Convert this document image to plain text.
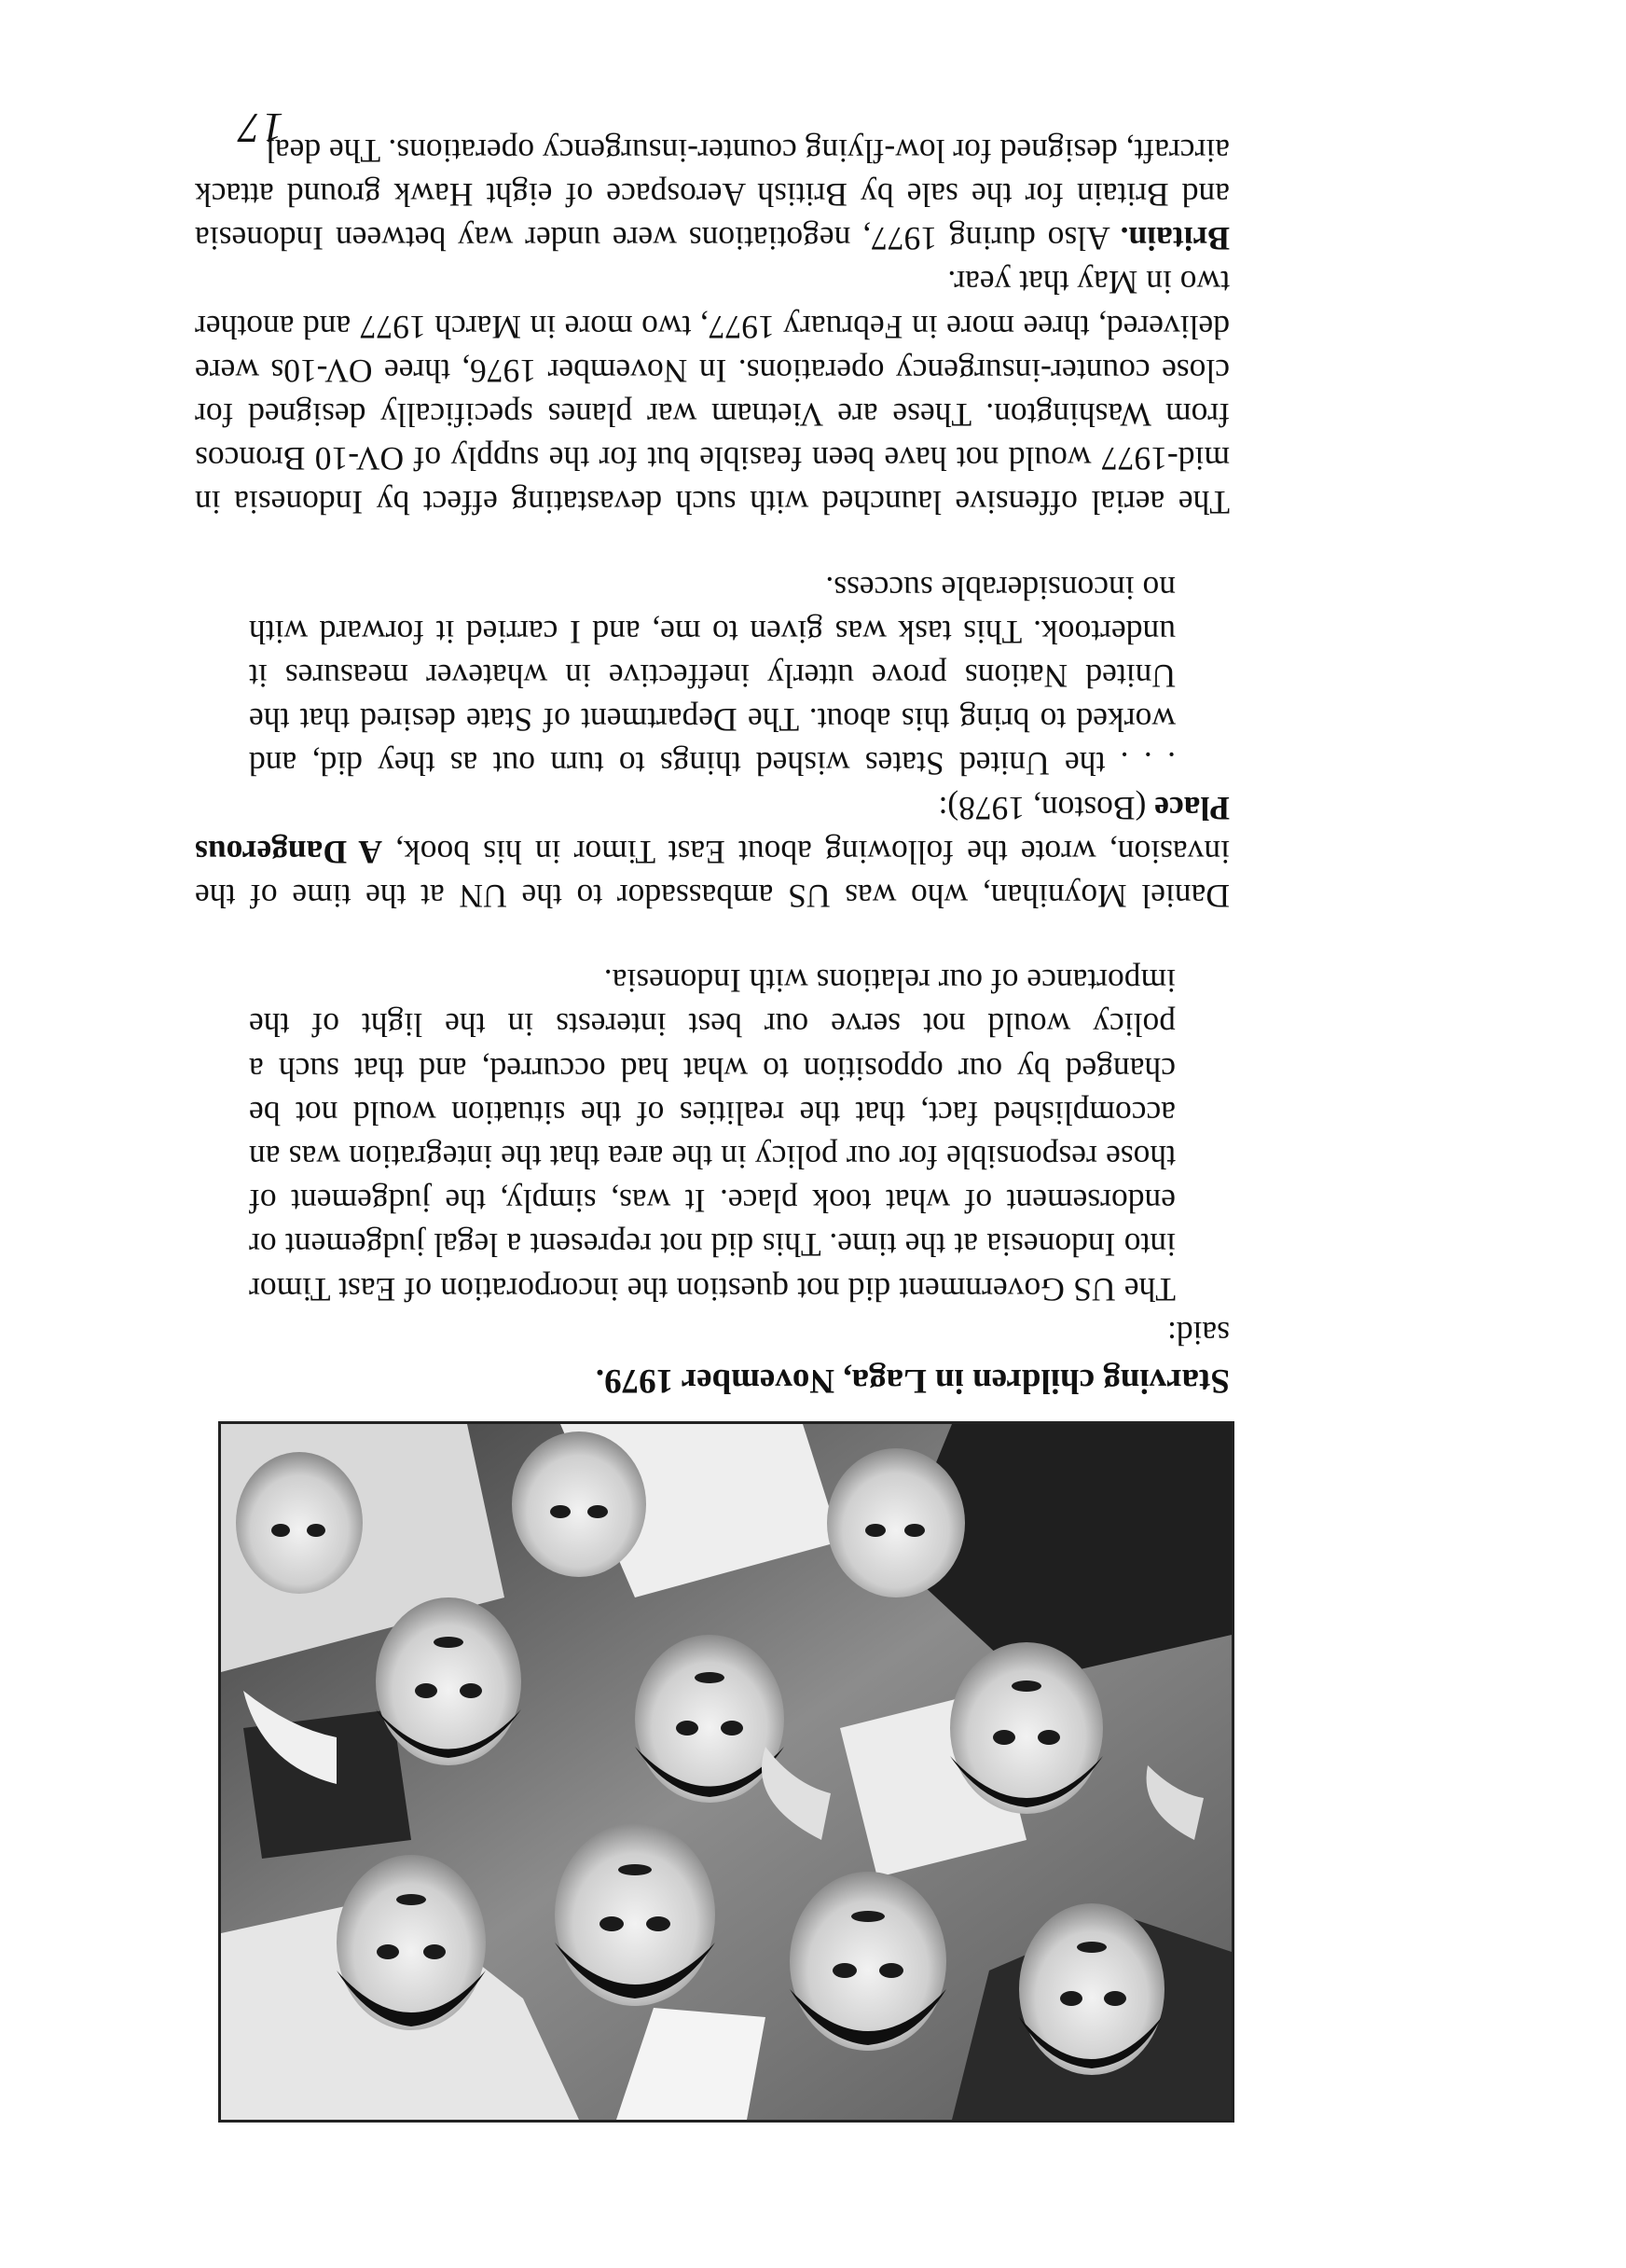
Starving children in Laga, November 1979.

said:

The US Government did not question the incorporation of East Timor into Indonesia at the time. This did not represent a legal judgement or endorsement of what took place. It was, simply, the judgement of those responsible for our policy in the area that the integration was an accomplished fact, that the realities of the situation would not be changed by our opposition to what had occurred, and that such a policy would not serve our best interests in the light of the importance of our relations with Indonesia.

Daniel Moynihan, who was US ambassador to the UN at the time of the invasion, wrote the following about East Timor in his book, A Dangerous Place (Boston, 1978):

. . . the United States wished things to turn out as they did, and worked to bring this about. The Department of State desired that the United Nations prove utterly ineffective in whatever measures it undertook. This task was given to me, and I carried it forward with no inconsiderable success.

The aerial offensive launched with such devastating effect by Indonesia in mid-1977 would not have been feasible but for the supply of OV-10 Broncos from Washington. These are Vietnam war planes specifically designed for close counter-insurgency operations. In November 1976, three OV-10s were delivered, three more in February 1977, two more in March 1977 and another two in May that year.

Britain. Also during 1977, negotiations were under way between Indonesia and Britain for the sale by British Aerospace of eight Hawk ground attack aircraft, designed for low-flying counter-insurgency operations. The deal

17
